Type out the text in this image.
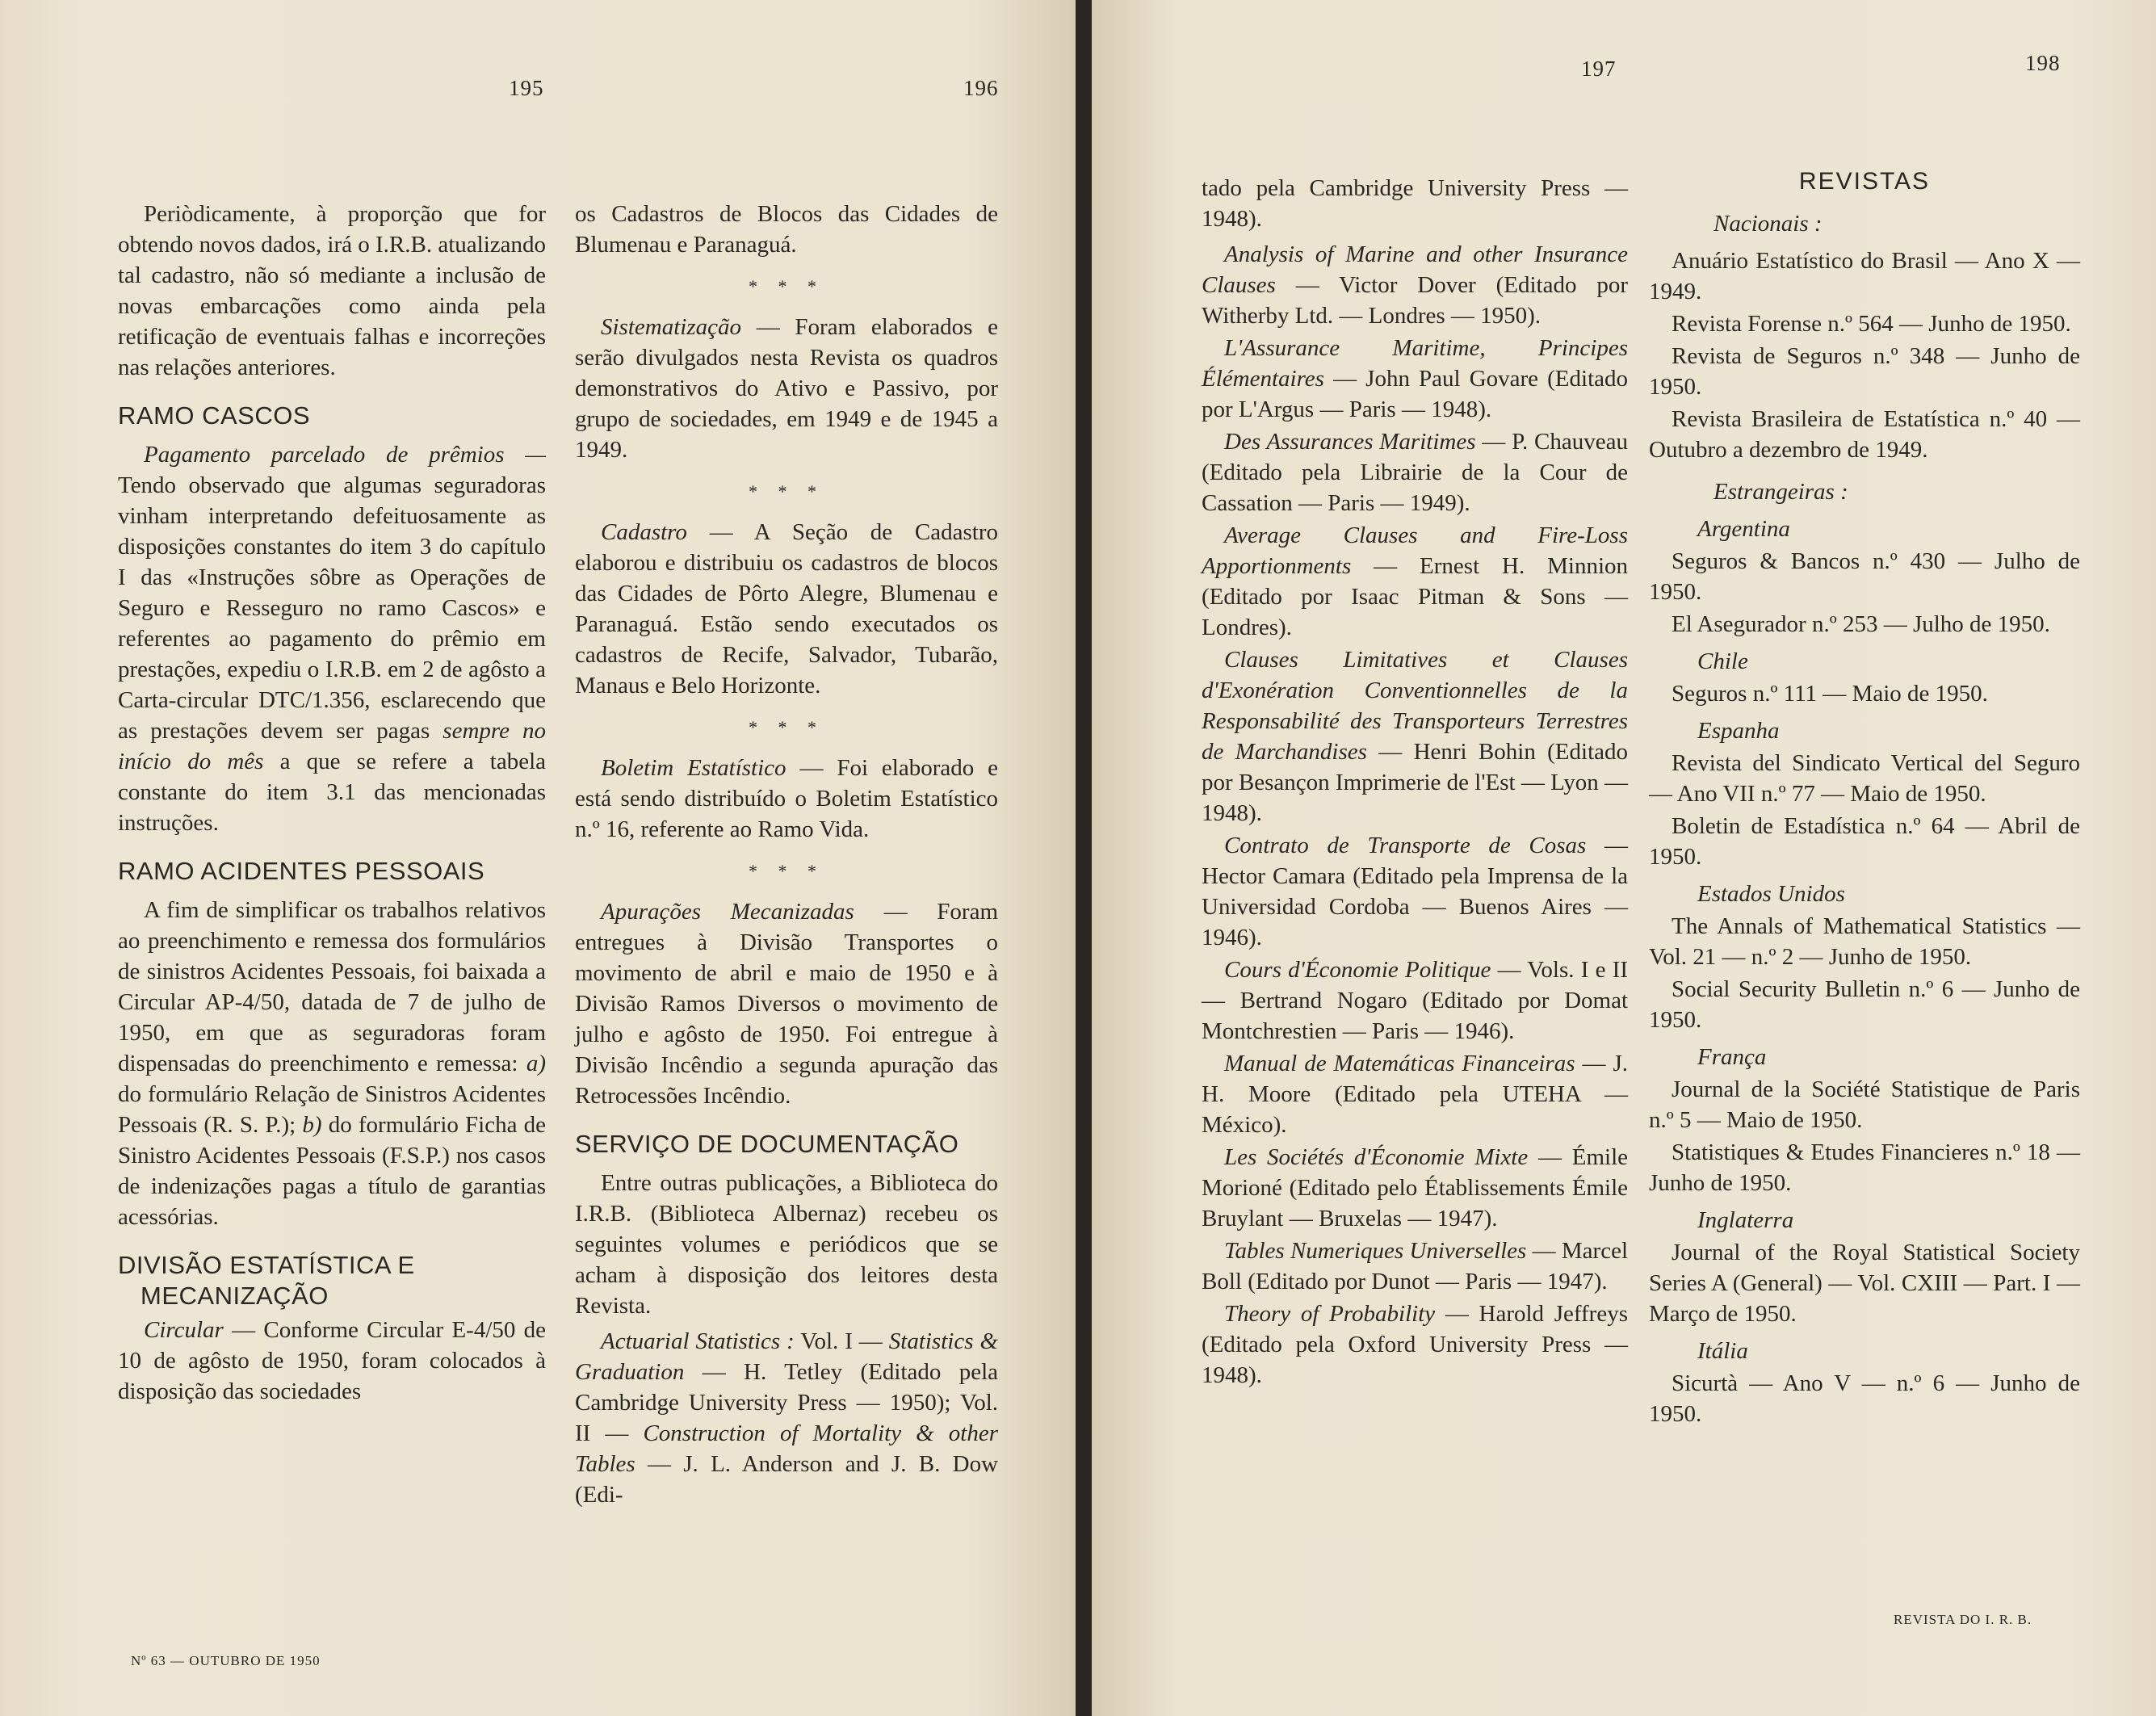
195	196
197	198

Periòdicamente, à proporção que for obtendo novos dados, irá o I.R.B. atualizando tal cadastro, não só mediante a inclusão de novas embarcações como ainda pela retificação de eventuais falhas e incorreções nas relações anteriores.

RAMO CASCOS

Pagamento parcelado de prêmios — Tendo observado que algumas seguradoras vinham interpretando defeituosamente as disposições constantes do item 3 do capítulo I das «Instruções sôbre as Operações de Seguro e Resseguro no ramo Cascos» e referentes ao pagamento do prêmio em prestações, expediu o I.R.B. em 2 de agôsto a Carta-circular DTC/1.356, esclarecendo que as prestações devem ser pagas sempre no início do mês a que se refere a tabela constante do item 3.1 das mencionadas instruções.

RAMO ACIDENTES PESSOAIS

A fim de simplificar os trabalhos relativos ao preenchimento e remessa dos formulários de sinistros Acidentes Pessoais, foi baixada a Circular AP-4/50, datada de 7 de julho de 1950, em que as seguradoras foram dispensadas do preenchimento e remessa: a) do formulário Relação de Sinistros Acidentes Pessoais (R. S. P.); b) do formulário Ficha de Sinistro Acidentes Pessoais (F.S.P.) nos casos de indenizações pagas a título de garantias acessórias.

DIVISÃO ESTATÍSTICA E
MECANIZAÇÃO

Circular — Conforme Circular E-4/50 de 10 de agôsto de 1950, foram colocados à disposição das sociedades

os Cadastros de Blocos das Cidades de Blumenau e Paranaguá.

* * *

Sistematização — Foram elaborados e serão divulgados nesta Revista os quadros demonstrativos do Ativo e Passivo, por grupo de sociedades, em 1949 e de 1945 a 1949.

* * *

Cadastro — A Seção de Cadastro elaborou e distribuiu os cadastros de blocos das Cidades de Pôrto Alegre, Blumenau e Paranaguá. Estão sendo executados os cadastros de Recife, Salvador, Tubarão, Manaus e Belo Horizonte.

* * *

Boletim Estatístico — Foi elaborado e está sendo distribuído o Boletim Estatístico n.º 16, referente ao Ramo Vida.

* * *

Apurações Mecanizadas — Foram entregues à Divisão Transportes o movimento de abril e maio de 1950 e à Divisão Ramos Diversos o movimento de julho e agôsto de 1950. Foi entregue à Divisão Incêndio a segunda apuração das Retrocessões Incêndio.

SERVIÇO DE DOCUMENTAÇÃO

Entre outras publicações, a Biblioteca do I.R.B. (Biblioteca Albernaz) recebeu os seguintes volumes e periódicos que se acham à disposição dos leitores desta Revista.

Actuarial Statistics : Vol. I — Statistics & Graduation — H. Tetley (Editado pela Cambridge University Press — 1950); Vol. II — Construction of Mortality & other Tables — J. L. Anderson and J. B. Dow (Edi-

tado pela Cambridge University Press — 1948).

Analysis of Marine and other Insurance Clauses — Victor Dover (Editado por Witherby Ltd. — Londres — 1950).

L'Assurance Maritime, Principes Élémentaires — John Paul Govare (Editado por L'Argus — Paris — 1948).

Des Assurances Maritimes — P. Chauveau (Editado pela Librairie de la Cour de Cassation — Paris — 1949).

Average Clauses and Fire-Loss Apportionments — Ernest H. Minnion (Editado por Isaac Pitman & Sons — Londres).

Clauses Limitatives et Clauses d'Exonération Conventionnelles de la Responsabilité des Transporteurs Terrestres de Marchandises — Henri Bohin (Editado por Besançon Imprimerie de l'Est — Lyon — 1948).

Contrato de Transporte de Cosas — Hector Camara (Editado pela Imprensa de la Universidad Cordoba — Buenos Aires — 1946).

Cours d'Économie Politique — Vols. I e II — Bertrand Nogaro (Editado por Domat Montchrestien — Paris — 1946).

Manual de Matemáticas Financeiras — J. H. Moore (Editado pela UTEHA — México).

Les Sociétés d'Économie Mixte — Émile Morioné (Editado pelo Établissements Émile Bruylant — Bruxelas — 1947).

Tables Numeriques Universelles — Marcel Boll (Editado por Dunot — Paris — 1947).

Theory of Probability — Harold Jeffreys (Editado pela Oxford University Press — 1948).

REVISTAS
Nacionais :

Anuário Estatístico do Brasil — Ano X — 1949.

Revista Forense n.º 564 — Junho de 1950.

Revista de Seguros n.º 348 — Junho de 1950.

Revista Brasileira de Estatística n.º 40 — Outubro a dezembro de 1949.

Estrangeiras :
Argentina

Seguros & Bancos n.º 430 — Julho de 1950.

El Asegurador n.º 253 — Julho de 1950.

Chile

Seguros n.º 111 — Maio de 1950.

Espanha

Revista del Sindicato Vertical del Seguro — Ano VII n.º 77 — Maio de 1950.

Boletin de Estadística n.º 64 — Abril de 1950.

Estados Unidos

The Annals of Mathematical Statistics — Vol. 21 — n.º 2 — Junho de 1950.

Social Security Bulletin n.º 6 — Junho de 1950.

França

Journal de la Société Statistique de Paris n.º 5 — Maio de 1950.

Statistiques & Etudes Financieres n.º 18 — Junho de 1950.

Inglaterra

Journal of the Royal Statistical Society Series A (General) — Vol. CXIII — Part. I — Março de 1950.

Itália

Sicurtà — Ano V — n.º 6 — Junho de 1950.

Nº 63 — OUTUBRO DE 1950
REVISTA DO I. R. B.
